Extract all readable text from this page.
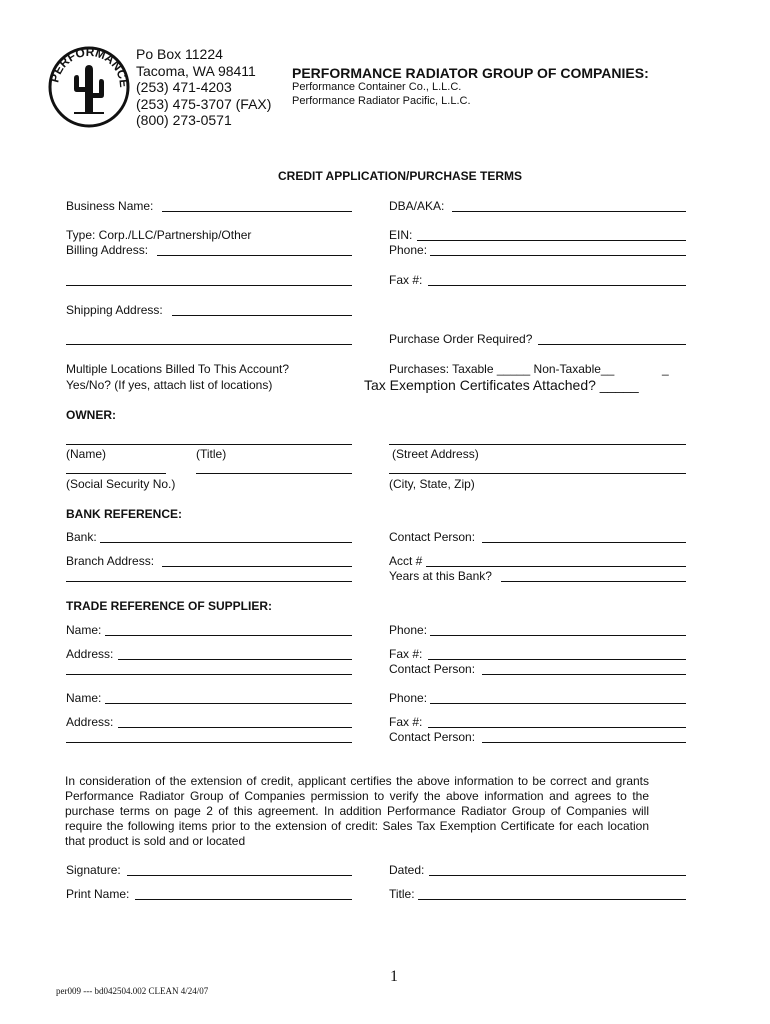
PERFORMANCE
Po Box 11224
Tacoma, WA 98411
(253) 471-4203
(253) 475-3707 (FAX)
(800) 273-0571
PERFORMANCE RADIATOR GROUP OF COMPANIES:
Performance Container Co., L.L.C.
Performance Radiator Pacific, L.L.C.
CREDIT APPLICATION/PURCHASE TERMS
Business Name:	DBA/AKA:
Type: Corp./LLC/Partnership/Other
Billing Address:
EIN:
Phone:
Fax #:
Shipping Address:
Purchase Order Required?
Multiple Locations Billed To This Account?
Yes/No? (If yes, attach list of locations)
Purchases: Taxable _____ Non-Taxable__	_
Tax Exemption Certificates Attached? _____
OWNER:
(Name)	(Title)	(Street Address)
(Social Security No.)	(City, State, Zip)
BANK REFERENCE:
Bank:	Contact Person:
Branch Address:	Acct #
Years at this Bank?
TRADE REFERENCE OF SUPPLIER:
Name:	Phone:
Address:	Fax #:
Contact Person:
Name:	Phone:
Address:	Fax #:
Contact Person:
In consideration of the extension of credit, applicant certifies the above information to be correct and grants Performance Radiator Group of Companies permission to verify the above information and agrees to the purchase terms on page 2 of this agreement. In addition Performance Radiator Group of Companies will require the following items prior to the extension of credit: Sales Tax Exemption Certificate for each location that product is sold and or located
Signature:	Dated:
Print Name:	Title:
1
per009 --- bd042504.002 CLEAN 4/24/07
